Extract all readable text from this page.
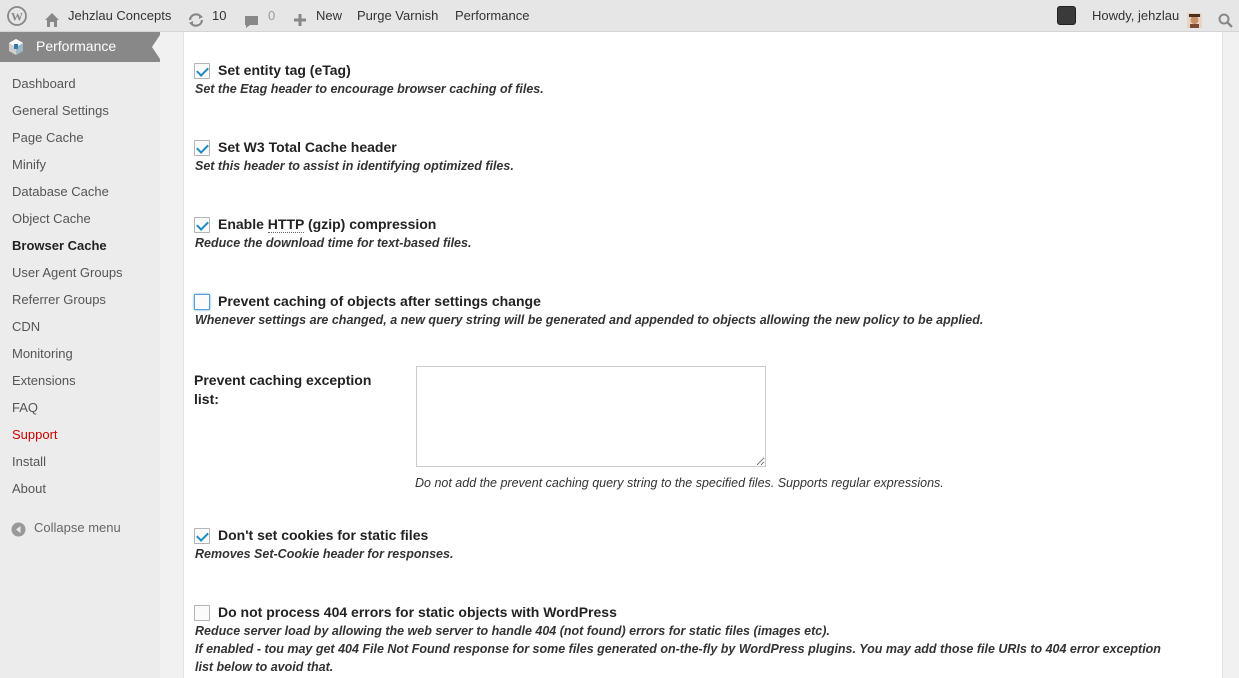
W	Jehzlau Concepts	10	0	New Purge Varnish Performance	Howdy, jehzlau
Performance
Dashboard
General Settings
Page Cache
Minify
Database Cache
Object Cache
Browser Cache
User Agent Groups
Referrer Groups
CDN
Monitoring
Extensions
FAQ
Support
Install
About
Collapse menu
Set entity tag (eTag)
Set the Etag header to encourage browser caching of files.
Set W3 Total Cache header
Set this header to assist in identifying optimized files.
Enable HTTP (gzip) compression
Reduce the download time for text-based files.
Prevent caching of objects after settings change
Whenever settings are changed, a new query string will be generated and appended to objects allowing the new policy to be applied.
Prevent caching exception list:
Do not add the prevent caching query string to the specified files. Supports regular expressions.
Don't set cookies for static files
Removes Set-Cookie header for responses.
Do not process 404 errors for static objects with WordPress
Reduce server load by allowing the web server to handle 404 (not found) errors for static files (images etc).
If enabled - tou may get 404 File Not Found response for some files generated on-the-fly by WordPress plugins. You may add those file URIs to 404 error exception
list below to avoid that.
